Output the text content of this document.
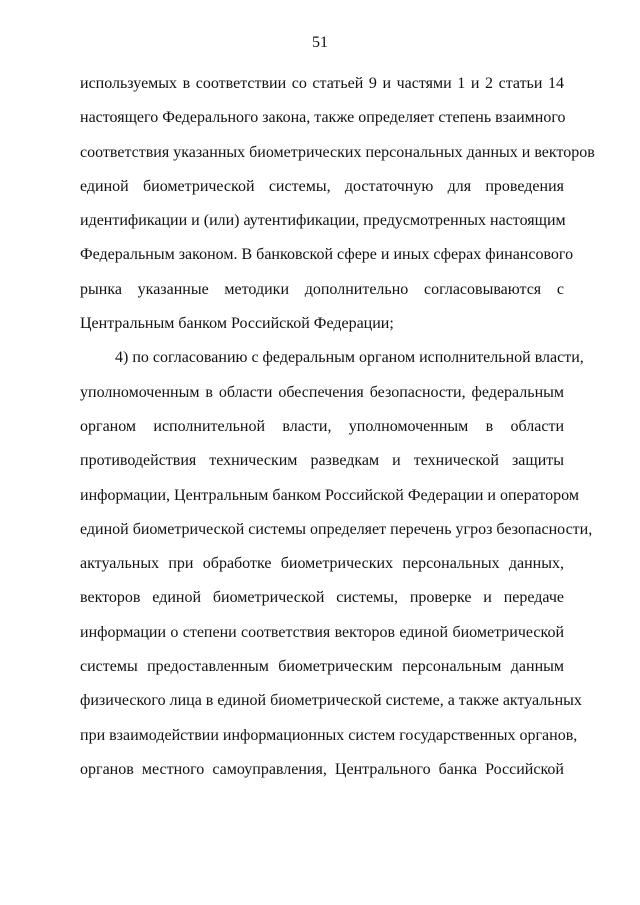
51
используемых в соответствии со статьей 9 и частями 1 и 2 статьи 14
настоящего Федерального закона, также определяет степень взаимного
соответствия указанных биометрических персональных данных и векторов
единой биометрической системы, достаточную для проведения
идентификации и (или) аутентификации, предусмотренных настоящим
Федеральным законом. В банковской сфере и иных сферах финансового
рынка указанные методики дополнительно согласовываются с
Центральным банком Российской Федерации;
4) по согласованию с федеральным органом исполнительной власти,
уполномоченным в области обеспечения безопасности, федеральным
органом исполнительной власти, уполномоченным в области
противодействия техническим разведкам и технической защиты
информации, Центральным банком Российской Федерации и оператором
единой биометрической системы определяет перечень угроз безопасности,
актуальных при обработке биометрических персональных данных,
векторов единой биометрической системы, проверке и передаче
информации о степени соответствия векторов единой биометрической
системы предоставленным биометрическим персональным данным
физического лица в единой биометрической системе, а также актуальных
при взаимодействии информационных систем государственных органов,
органов местного самоуправления, Центрального банка Российской
